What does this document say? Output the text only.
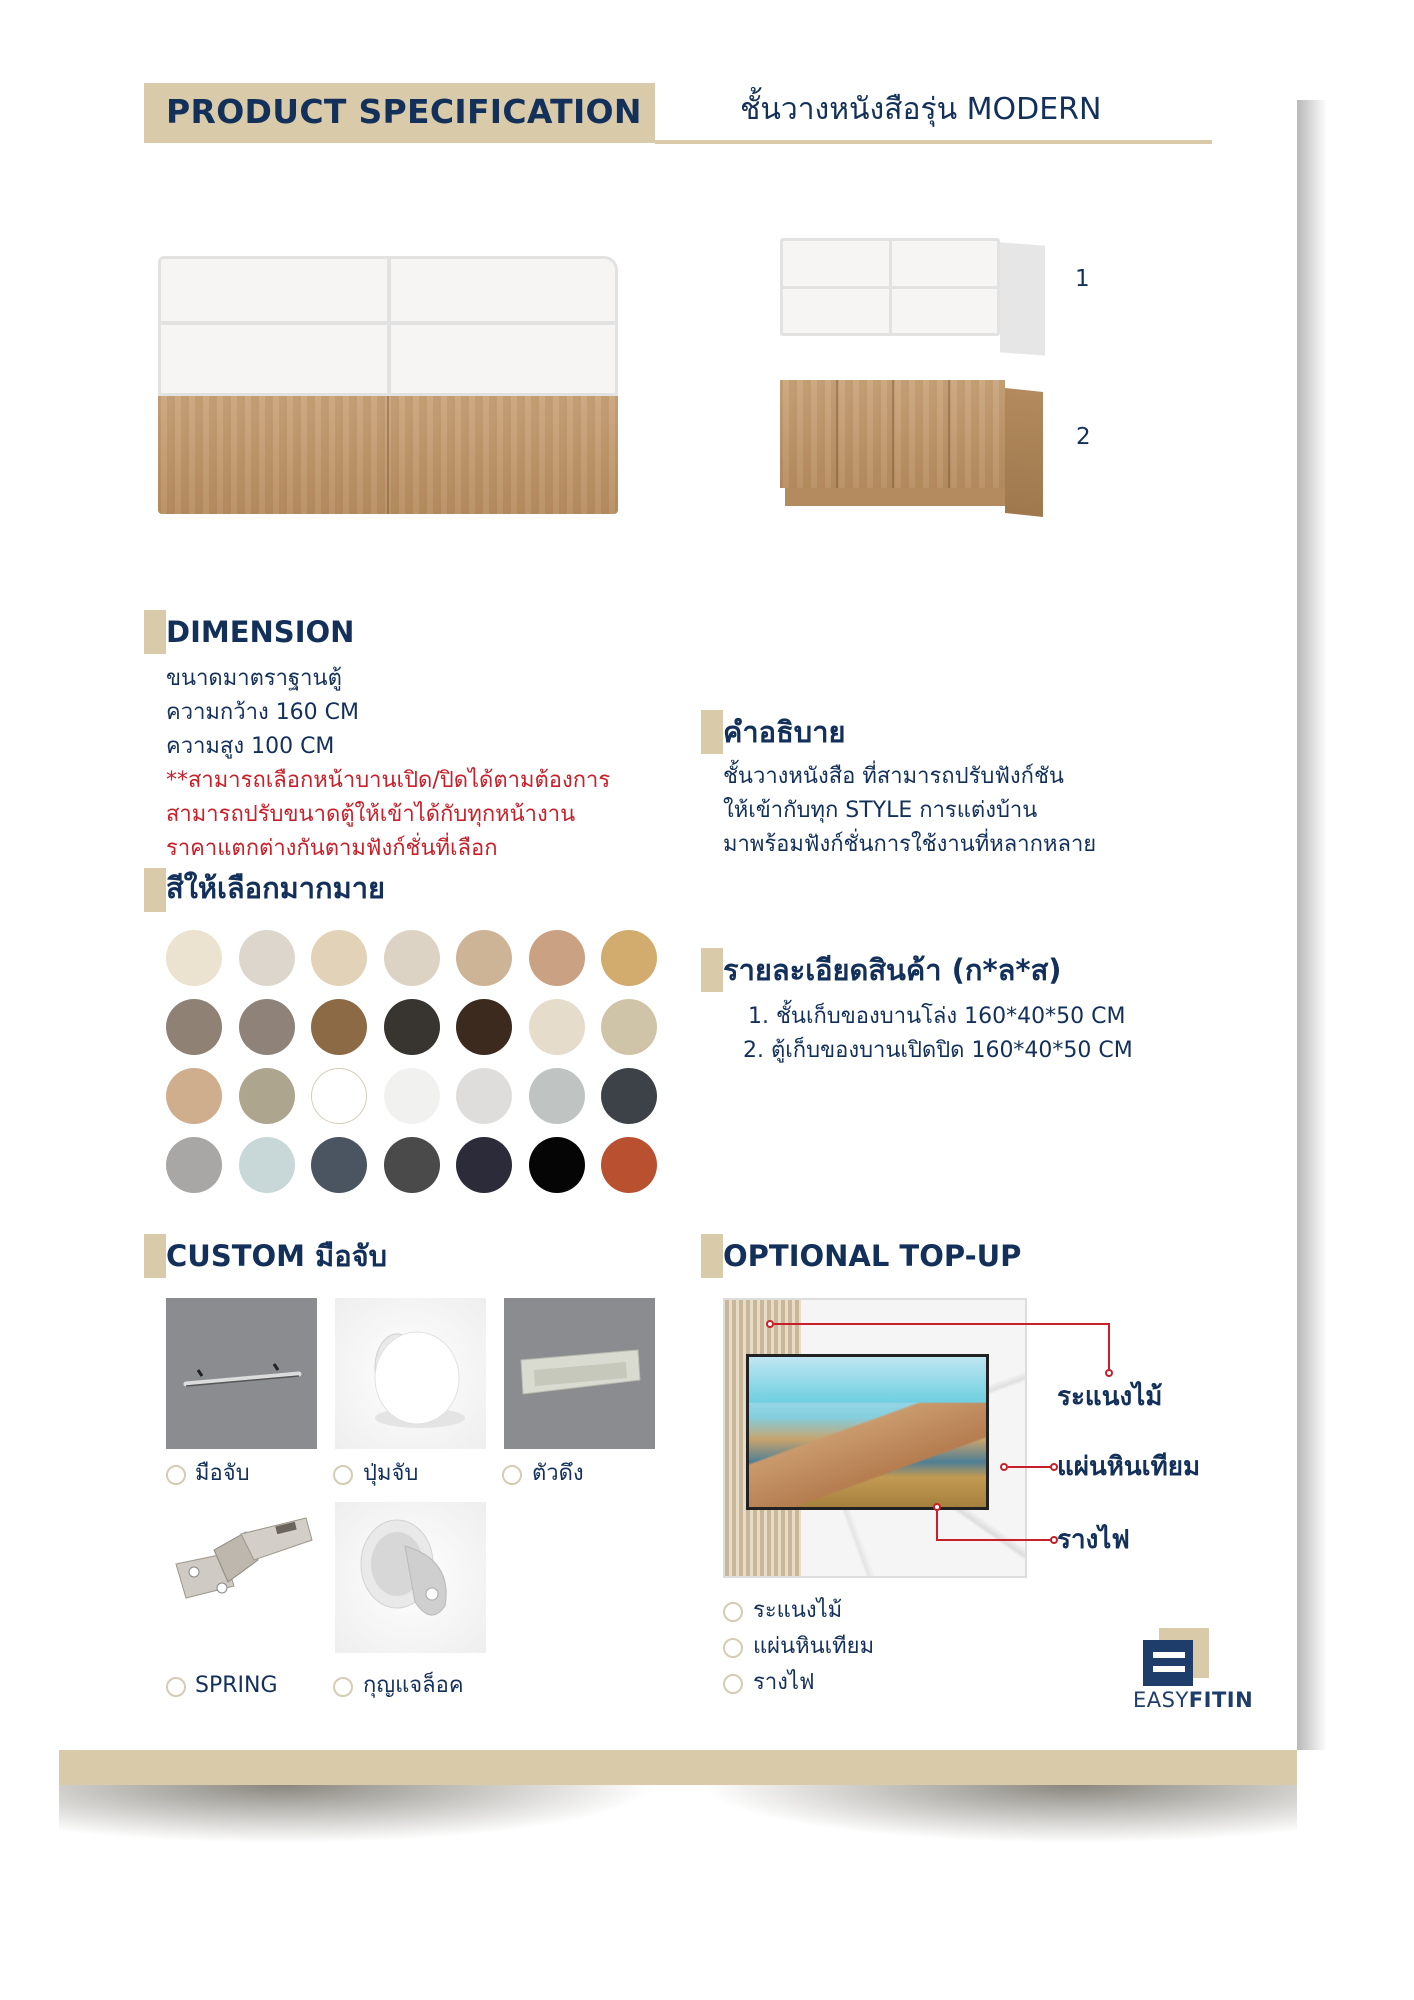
PRODUCT SPECIFICATION	ชั้นวางหนังสือรุ่น MODERN
1
2
DIMENSION
ขนาดมาตราฐานตู้
ความกว้าง 160 CM
ความสูง 100 CM
**สามารถเลือกหน้าบานเปิด/ปิดได้ตามต้องการ
สามารถปรับขนาดตู้ให้เข้าได้กับทุกหน้างาน
ราคาแตกต่างกันตามฟังก์ชั่นที่เลือก
สีให้เลือกมากมาย
คำอธิบาย
ชั้นวางหนังสือ ที่สามารถปรับฟังก์ชัน
ให้เข้ากับทุก STYLE การแต่งบ้าน
มาพร้อมฟังก์ชั่นการใช้งานที่หลากหลาย
รายละเอียดสินค้า (ก*ล*ส)
1. ชั้นเก็บของบานโล่ง 160*40*50 CM
2. ตู้เก็บของบานเปิดปิด 160*40*50 CM
CUSTOM มือจับ
มือจับ	ปุ่มจับ	ตัวดึง
SPRING	กุญแจล็อค
OPTIONAL TOP-UP
ระแนงไม้
แผ่นหินเทียม
รางไฟ
ระแนงไม้
แผ่นหินเทียม
รางไฟ
EASYFITIN
